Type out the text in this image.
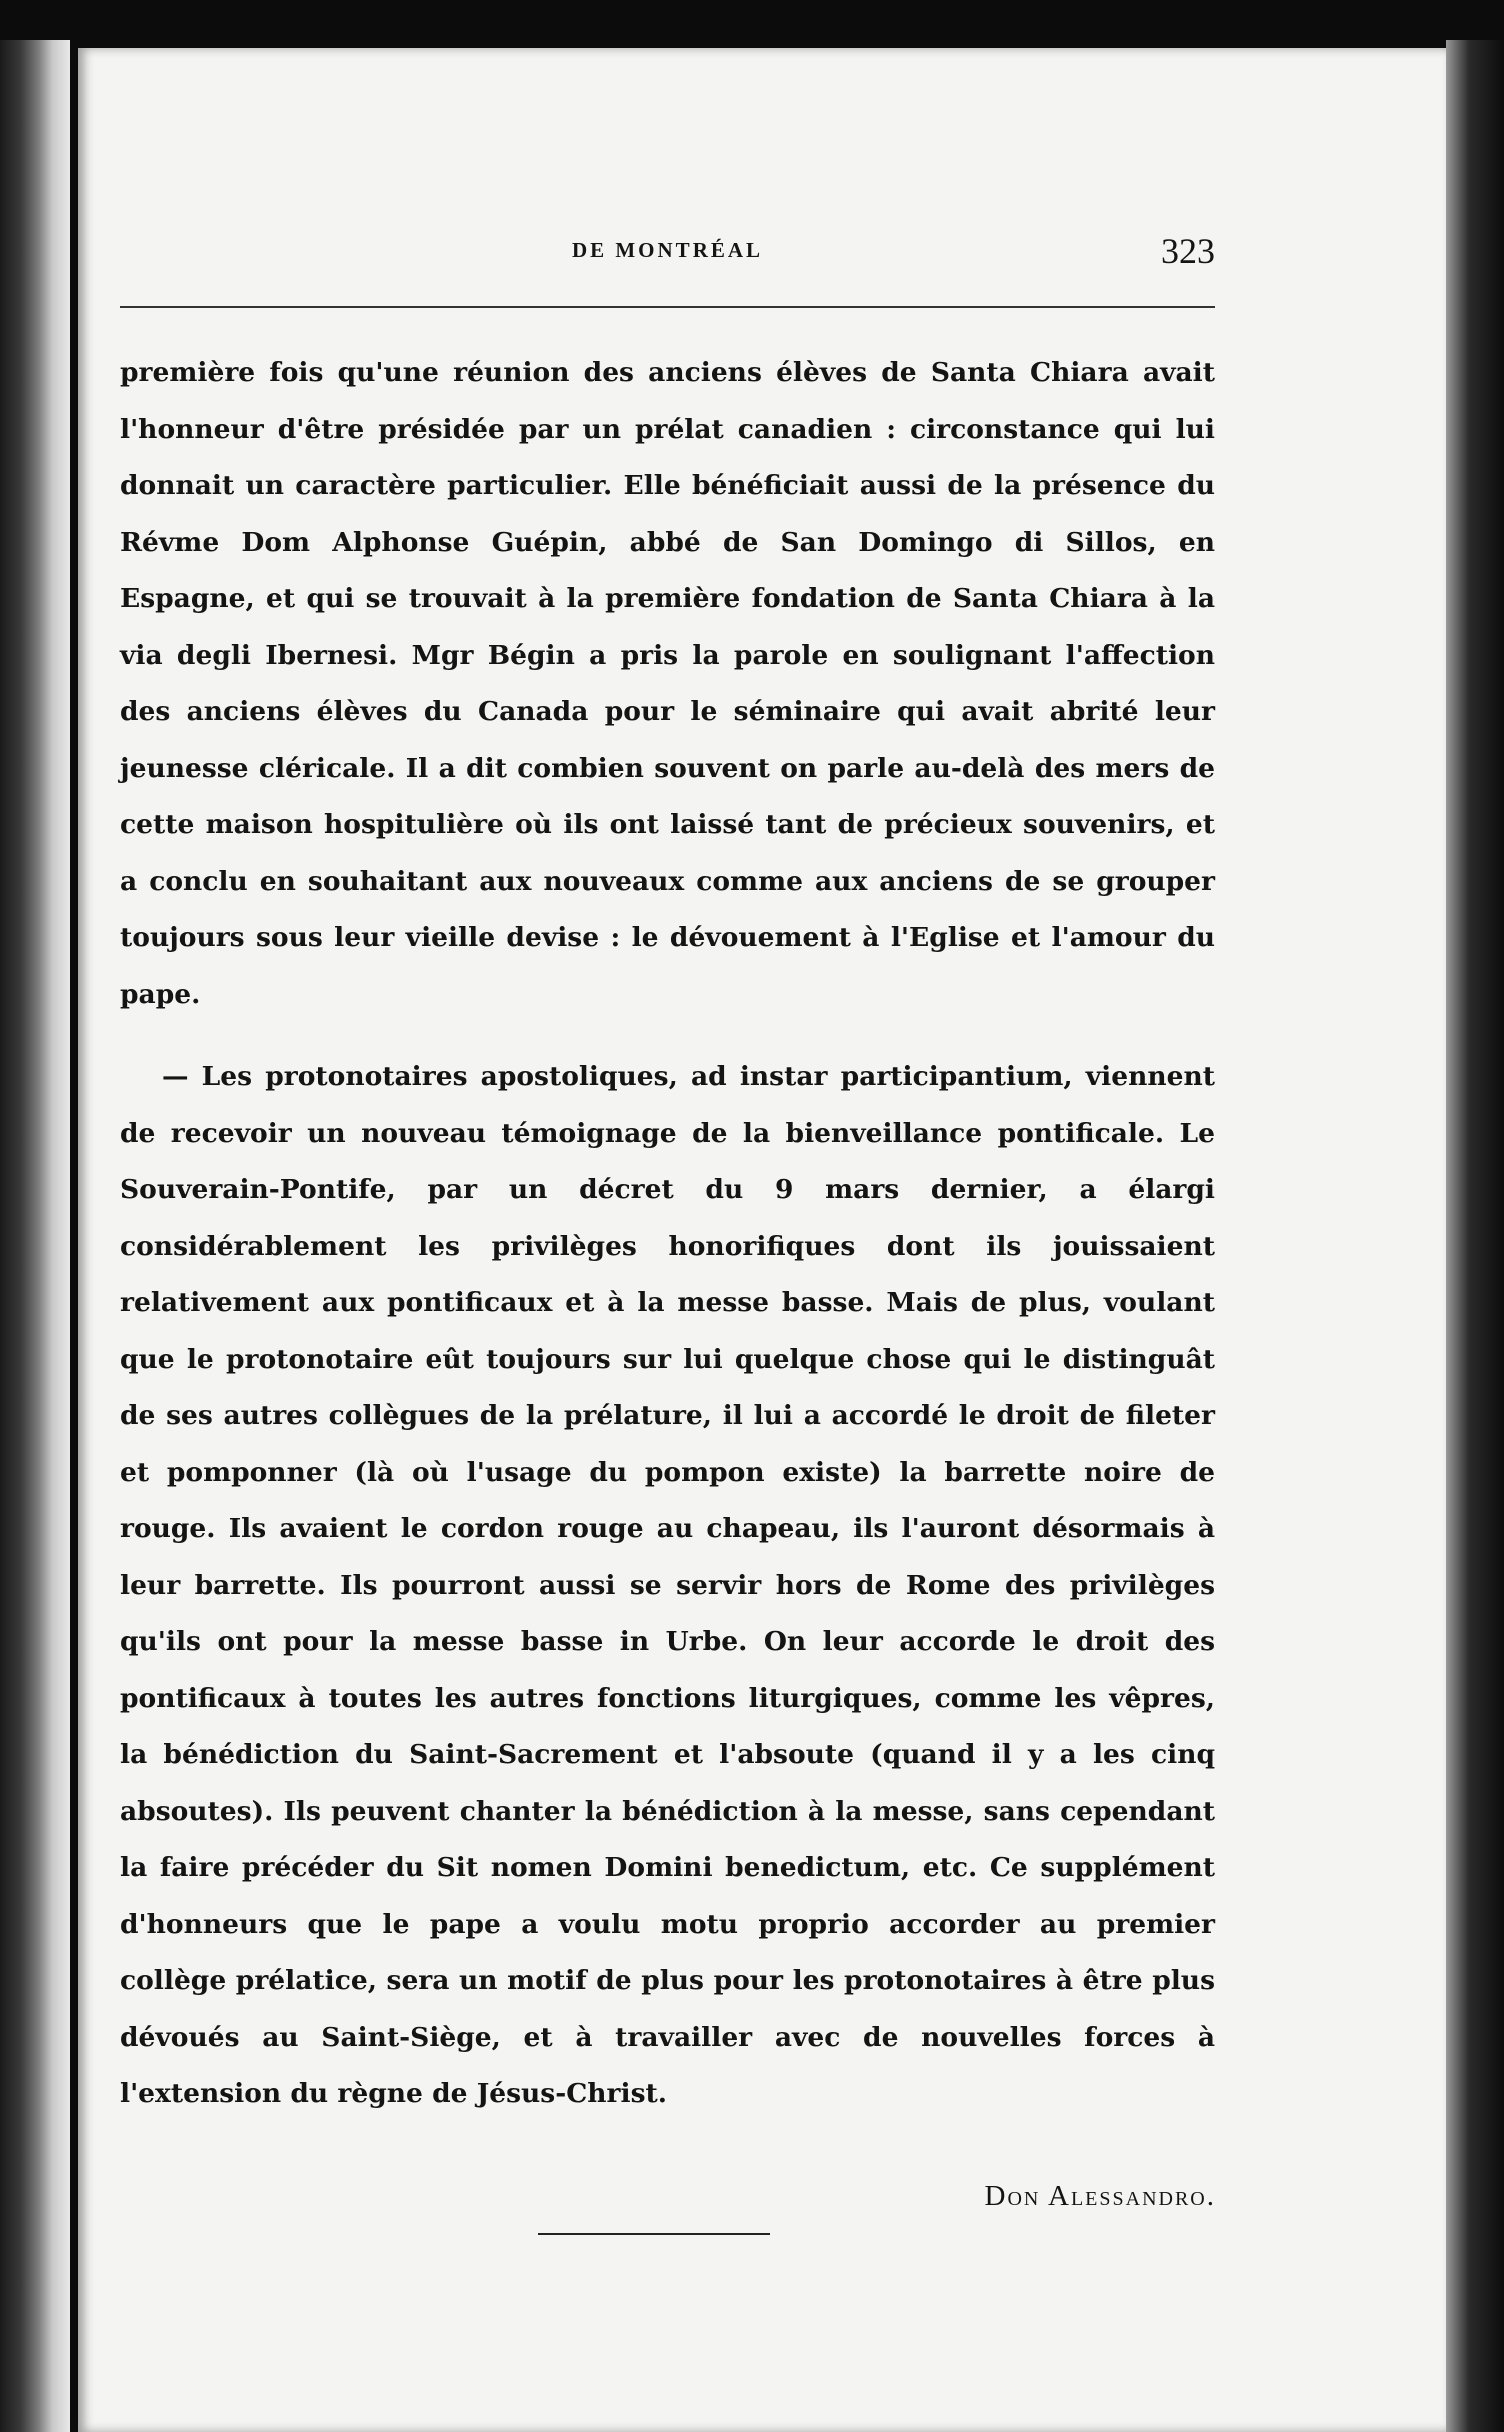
DE MONTRÉAL	323

première fois qu'une réunion des anciens élèves de Santa Chiara avait l'honneur d'être présidée par un prélat canadien : circonstance qui lui donnait un caractère particulier. Elle bénéficiait aussi de la présence du Révme Dom Alphonse Guépin, abbé de San Domingo di Sillos, en Espagne, et qui se trouvait à la première fondation de Santa Chiara à la via degli Ibernesi. Mgr Bégin a pris la parole en soulignant l'affection des anciens élèves du Canada pour le séminaire qui avait abrité leur jeunesse cléricale. Il a dit combien souvent on parle au-delà des mers de cette maison hospitulière où ils ont laissé tant de précieux souvenirs, et a conclu en souhaitant aux nouveaux comme aux anciens de se grouper toujours sous leur vieille devise : le dévouement à l'Eglise et l'amour du pape.

— Les protonotaires apostoliques, ad instar participantium, viennent de recevoir un nouveau témoignage de la bienveillance pontificale. Le Souverain-Pontife, par un décret du 9 mars dernier, a élargi considérablement les privilèges honorifiques dont ils jouissaient relativement aux pontificaux et à la messe basse. Mais de plus, voulant que le protonotaire eût toujours sur lui quelque chose qui le distinguât de ses autres collègues de la prélature, il lui a accordé le droit de fileter et pomponner (là où l'usage du pompon existe) la barrette noire de rouge. Ils avaient le cordon rouge au chapeau, ils l'auront désormais à leur barrette. Ils pourront aussi se servir hors de Rome des privilèges qu'ils ont pour la messe basse in Urbe. On leur accorde le droit des pontificaux à toutes les autres fonctions liturgiques, comme les vêpres, la bénédiction du Saint-Sacrement et l'absoute (quand il y a les cinq absoutes). Ils peuvent chanter la bénédiction à la messe, sans cependant la faire précéder du Sit nomen Domini benedictum, etc. Ce supplément d'honneurs que le pape a voulu motu proprio accorder au premier collège prélatice, sera un motif de plus pour les protonotaires à être plus dévoués au Saint-Siège, et à travailler avec de nouvelles forces à l'extension du règne de Jésus-Christ.

Don Alessandro.
